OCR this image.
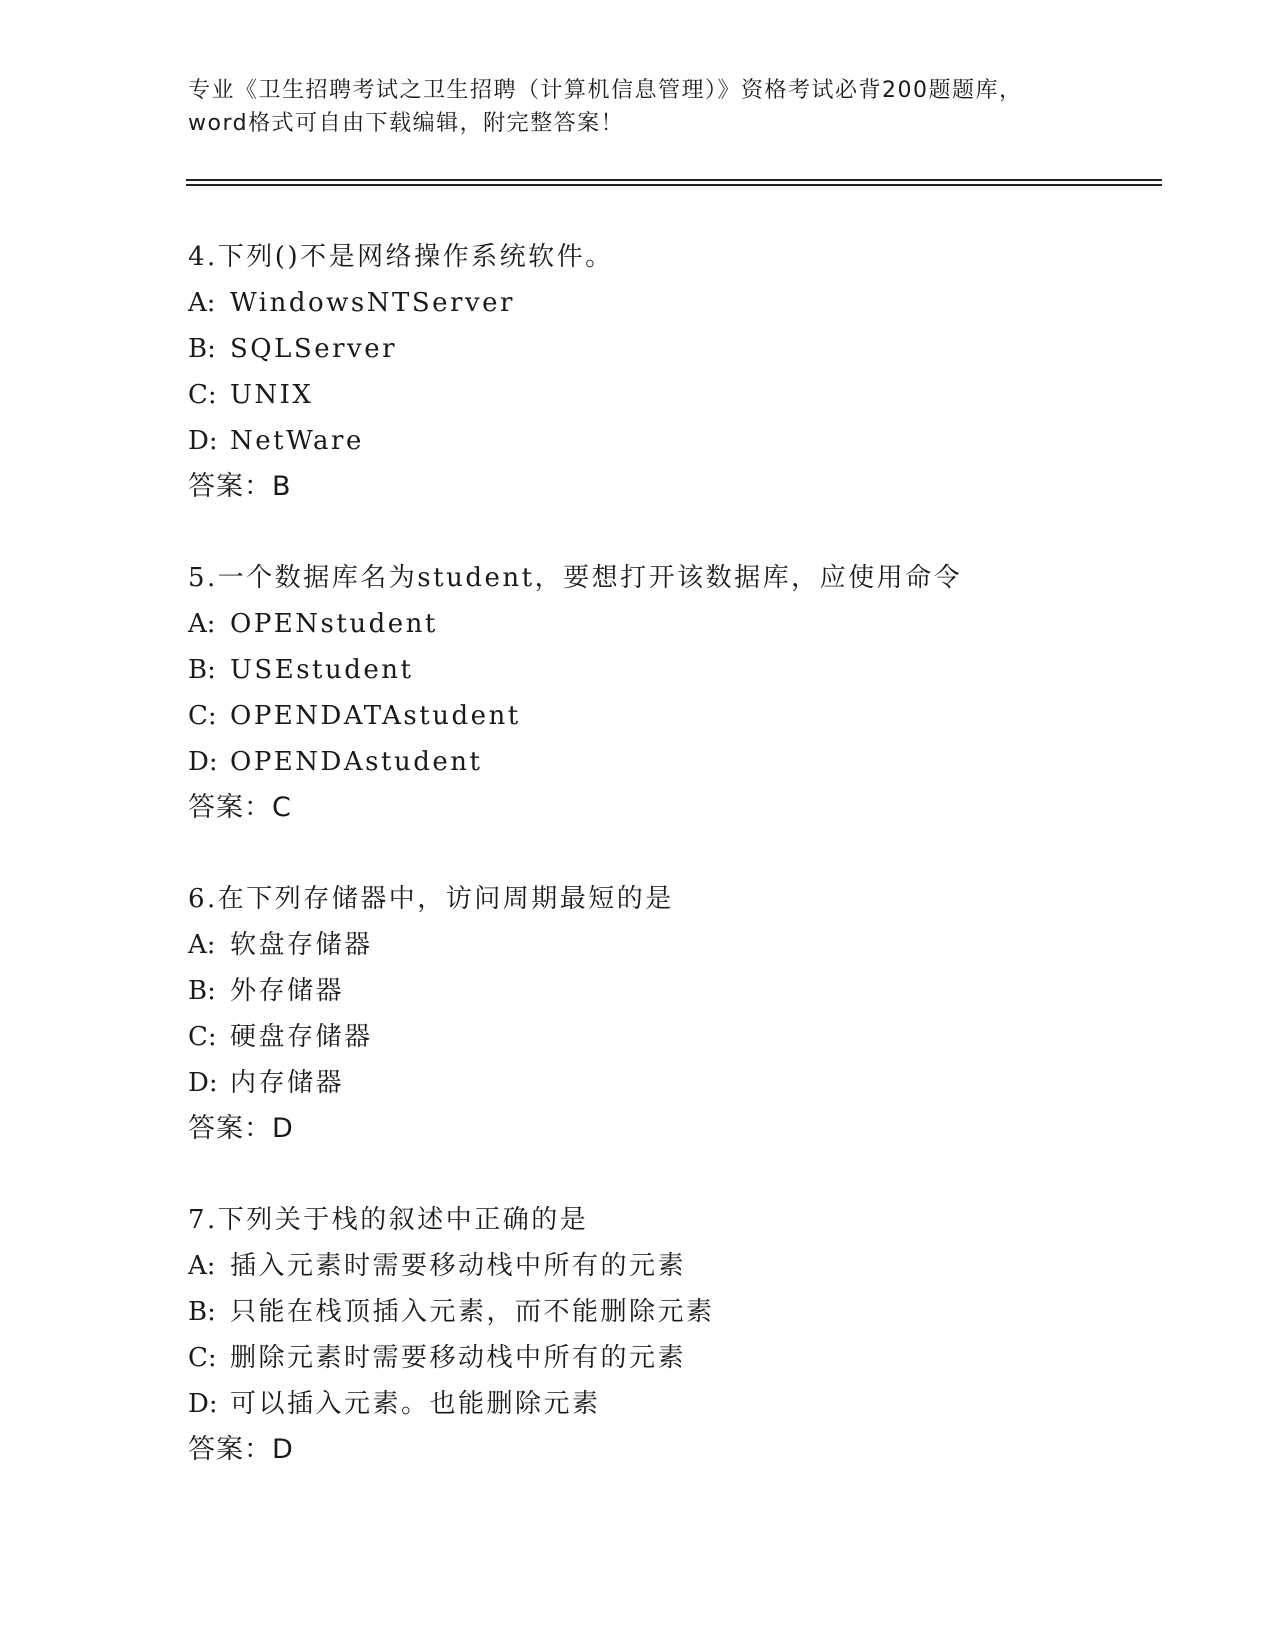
专业《卫生招聘考试之卫生招聘（计算机信息管理）》资格考试必背200题题库，
word格式可自由下载编辑，附完整答案！
4.下列()不是网络操作系统软件。
A: WindowsNTServer
B: SQLServer
C: UNIX
D: NetWare
答案：B
5.一个数据库名为student，要想打开该数据库，应使用命令
A: OPENstudent
B: USEstudent
C: OPENDATAstudent
D: OPENDAstudent
答案：C
6.在下列存储器中，访问周期最短的是
A: 软盘存储器
B: 外存储器
C: 硬盘存储器
D: 内存储器
答案：D
7.下列关于栈的叙述中正确的是
A: 插入元素时需要移动栈中所有的元素
B: 只能在栈顶插入元素，而不能删除元素
C: 删除元素时需要移动栈中所有的元素
D: 可以插入元素。也能删除元素
答案：D
